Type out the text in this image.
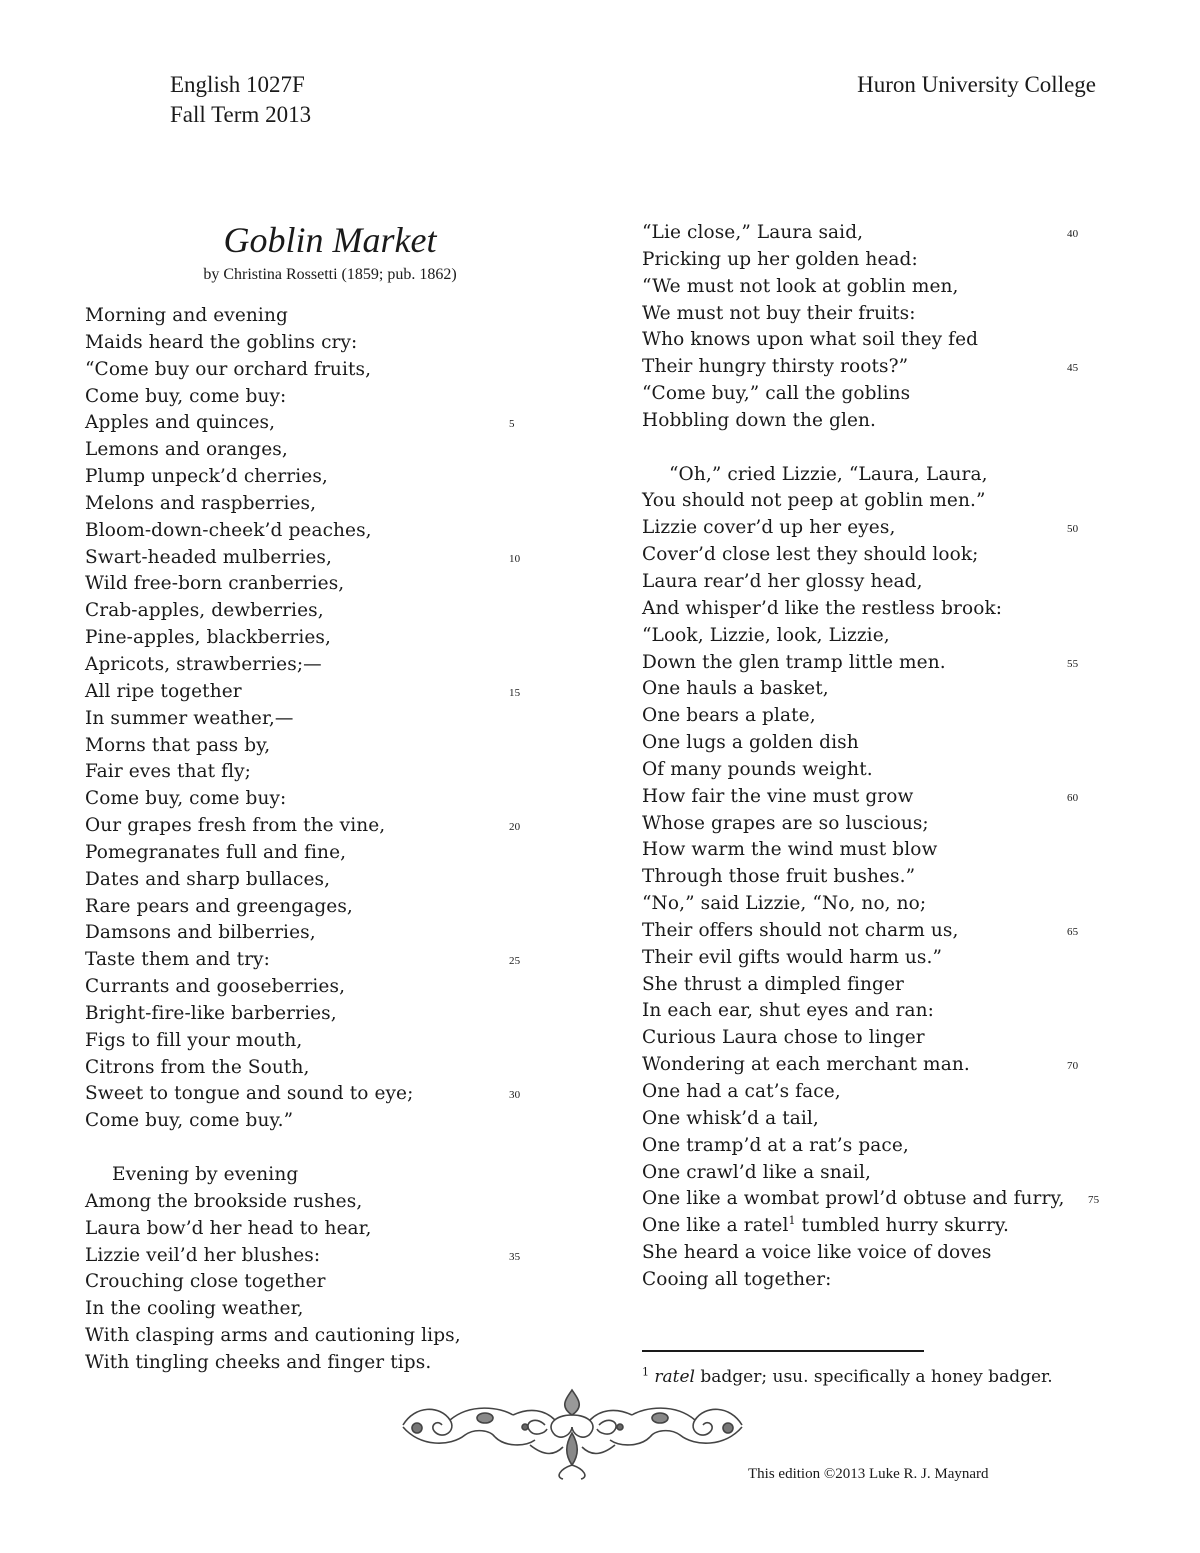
English 1027F
Fall Term 2013
Huron University College
Goblin Market
by Christina Rossetti (1859; pub. 1862)
Morning and evening
Maids heard the goblins cry:
“Come buy our orchard fruits,
Come buy, come buy:
Apples and quinces,	5
Lemons and oranges,
Plump unpeck’d cherries,
Melons and raspberries,
Bloom-down-cheek’d peaches,
Swart-headed mulberries,	10
Wild free-born cranberries,
Crab-apples, dewberries,
Pine-apples, blackberries,
Apricots, strawberries;—
All ripe together	15
In summer weather,—
Morns that pass by,
Fair eves that fly;
Come buy, come buy:
Our grapes fresh from the vine,	20
Pomegranates full and fine,
Dates and sharp bullaces,
Rare pears and greengages,
Damsons and bilberries,
Taste them and try:	25
Currants and gooseberries,
Bright-fire-like barberries,
Figs to fill your mouth,
Citrons from the South,
Sweet to tongue and sound to eye;	30
Come buy, come buy.”
Evening by evening
Among the brookside rushes,
Laura bow’d her head to hear,
Lizzie veil’d her blushes:	35
Crouching close together
In the cooling weather,
With clasping arms and cautioning lips,
With tingling cheeks and finger tips.
“Lie close,” Laura said,	40
Pricking up her golden head:
“We must not look at goblin men,
We must not buy their fruits:
Who knows upon what soil they fed
Their hungry thirsty roots?”	45
“Come buy,” call the goblins
Hobbling down the glen.
“Oh,” cried Lizzie, “Laura, Laura,
You should not peep at goblin men.”
Lizzie cover’d up her eyes,	50
Cover’d close lest they should look;
Laura rear’d her glossy head,
And whisper’d like the restless brook:
“Look, Lizzie, look, Lizzie,
Down the glen tramp little men.	55
One hauls a basket,
One bears a plate,
One lugs a golden dish
Of many pounds weight.
How fair the vine must grow	60
Whose grapes are so luscious;
How warm the wind must blow
Through those fruit bushes.”
“No,” said Lizzie, “No, no, no;
Their offers should not charm us,	65
Their evil gifts would harm us.”
She thrust a dimpled finger
In each ear, shut eyes and ran:
Curious Laura chose to linger
Wondering at each merchant man.	70
One had a cat’s face,
One whisk’d a tail,
One tramp’d at a rat’s pace,
One crawl’d like a snail,
One like a wombat prowl’d obtuse and furry, 75
One like a ratel$^1$ tumbled hurry skurry.
She heard a voice like voice of doves
Cooing all together:
$^1$ ratel badger; usu. specifically a honey badger.
This edition ©2013 Luke R. J. Maynard
